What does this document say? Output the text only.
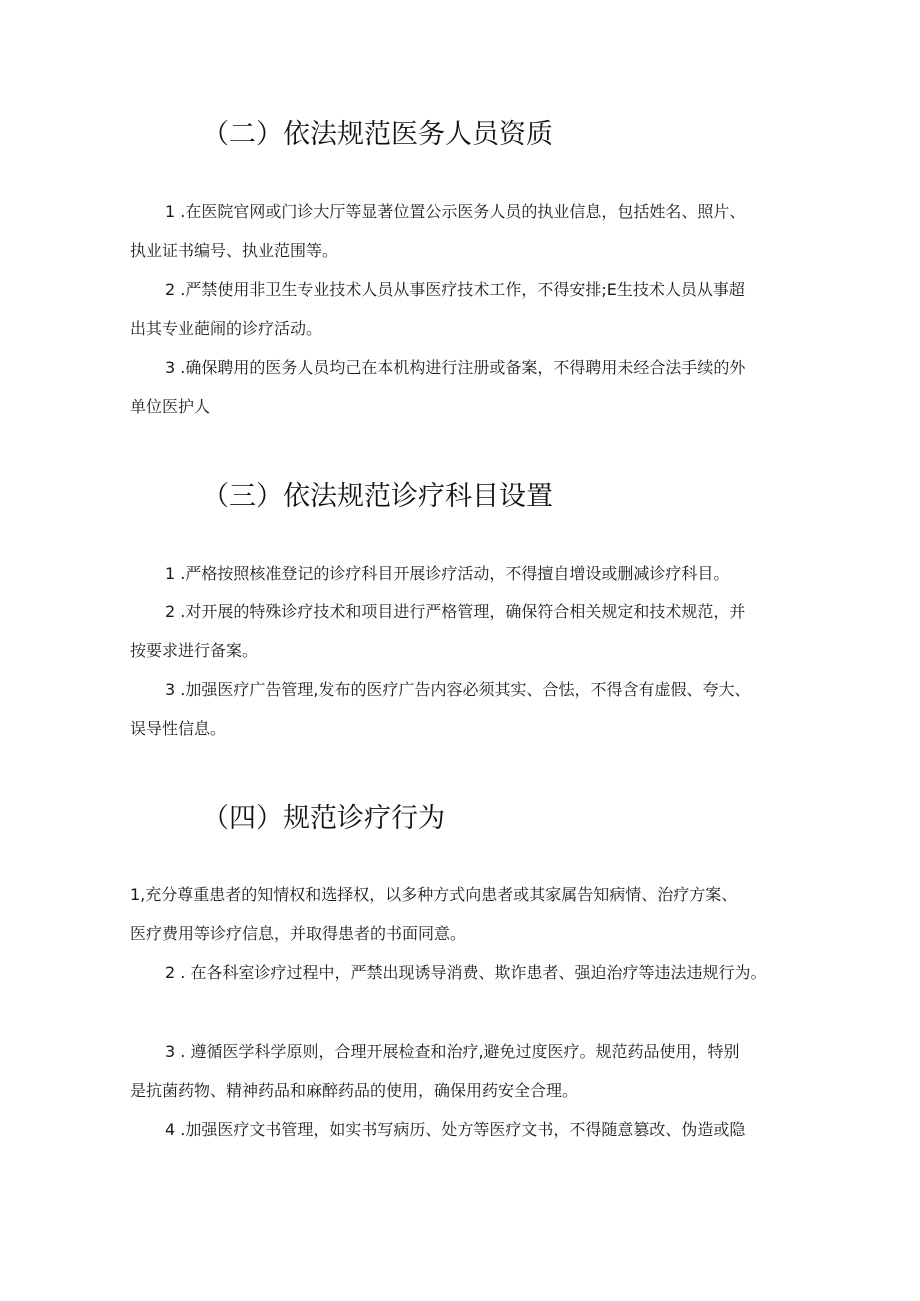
（二）依法规范医务人员资质

1 .在医院官网或门诊大厅等显著位置公示医务人员的执业信息，包括姓名、照片、

执业证书编号、执业范围等。

2 .严禁使用非卫生专业技术人员从事医疗技术工作，不得安排;E生技术人员从事超

出其专业葩闹的诊疗活动。

3 .确保聘用的医务人员均己在本机构进行注册或备案，不得聘用未经合法手续的外

单位医护人

（三）依法规范诊疗科目设置

1 .严格按照核准登记的诊疗科目开展诊疗活动，不得擅自增设或删减诊疗科目。

2 .对开展的特殊诊疗技术和项目进行严格管理，确保符合相关规定和技术规范，并

按要求进行备案。

3 .加强医疗广告管理,发布的医疗广告内容必须其实、合怯，不得含有虚假、夸大、

误导性信息。

（四）规范诊疗行为

1,充分尊重患者的知情权和选择权，以多种方式向患者或其家属告知病情、治疗方案、

医疗费用等诊疗信息，并取得患者的书面同意。

2 . 在各科室诊疗过程中，严禁出现诱导消费、欺诈患者、强迫治疗等违法违规行为。

3 . 遵循医学科学原则，合理开展检查和治疗,避免过度医疗。规范药品使用，特别

是抗菌药物、精神药品和麻醉药品的使用，确保用药安全合理。

4 .加强医疗文书管理，如实书写病历、处方等医疗文书，不得随意篡改、伪造或隐
